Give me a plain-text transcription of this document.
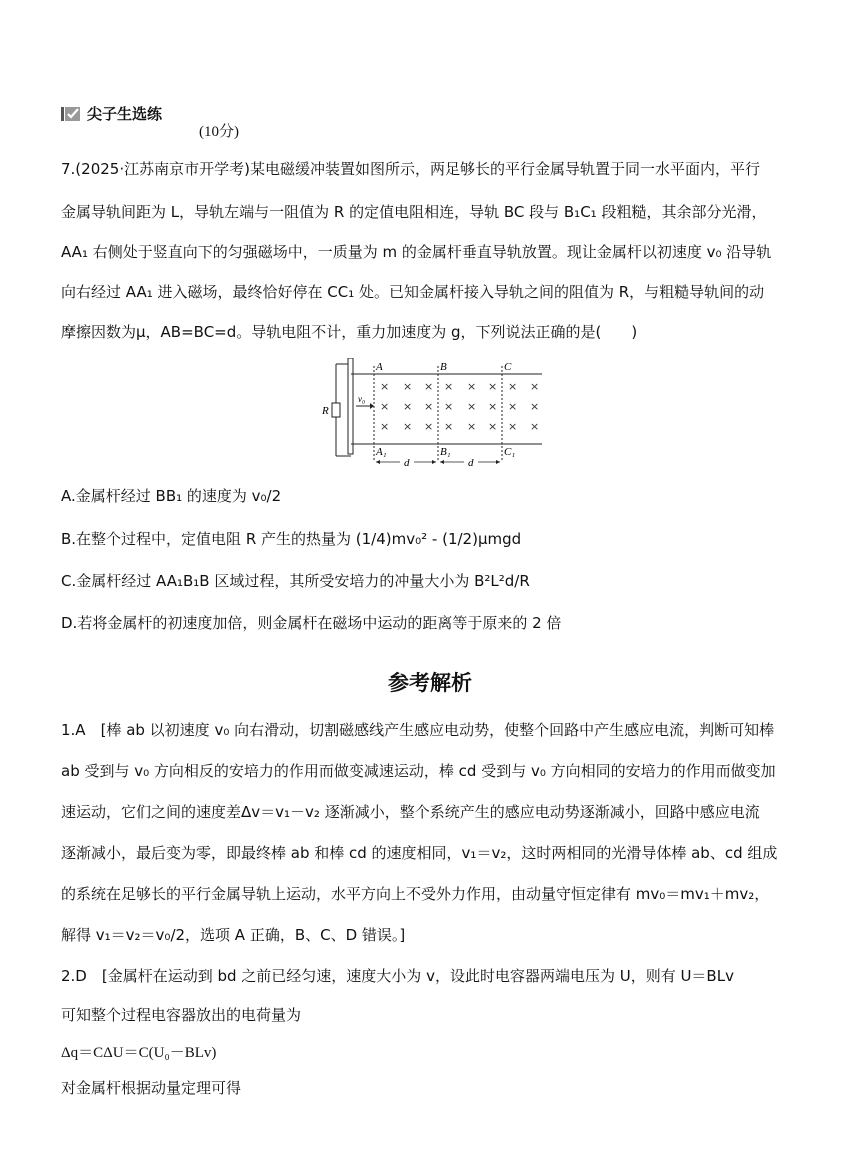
尖子生选练
(10分)
7.(2025·江苏南京市开学考)某电磁缓冲装置如图所示，两足够长的平行金属导轨置于同一水平面内，平行
金属导轨间距为 L，导轨左端与一阻值为 R 的定值电阻相连，导轨 BC 段与 B₁C₁ 段粗糙，其余部分光滑，
AA₁ 右侧处于竖直向下的匀强磁场中，一质量为 m 的金属杆垂直导轨放置。现让金属杆以初速度 v₀ 沿导轨
向右经过 AA₁ 进入磁场，最终恰好停在 CC₁ 处。已知金属杆接入导轨之间的阻值为 R，与粗糙导轨间的动
摩擦因数为μ，AB=BC=d。导轨电阻不计，重力加速度为 g，下列说法正确的是(　　)
R
v₀
A	B	C
A₁	B₁	C₁
× × × × × × × ×
× × × × × × × ×
× × × × × × × ×
d	d
A.金属杆经过 BB₁ 的速度为 v₀/2
B.在整个过程中，定值电阻 R 产生的热量为 (1/4)mv₀² - (1/2)μmgd
C.金属杆经过 AA₁B₁B 区域过程，其所受安培力的冲量大小为 B²L²d/R
D.若将金属杆的初速度加倍，则金属杆在磁场中运动的距离等于原来的 2 倍
参考解析
1.A　[棒 ab 以初速度 v₀ 向右滑动，切割磁感线产生感应电动势，使整个回路中产生感应电流，判断可知棒
ab 受到与 v₀ 方向相反的安培力的作用而做变减速运动，棒 cd 受到与 v₀ 方向相同的安培力的作用而做变加
速运动，它们之间的速度差Δv＝v₁－v₂ 逐渐减小，整个系统产生的感应电动势逐渐减小，回路中感应电流
逐渐减小，最后变为零，即最终棒 ab 和棒 cd 的速度相同，v₁＝v₂，这时两相同的光滑导体棒 ab、cd 组成
的系统在足够长的平行金属导轨上运动，水平方向上不受外力作用，由动量守恒定律有 mv₀＝mv₁＋mv₂，
解得 v₁＝v₂＝v₀/2，选项 A 正确，B、C、D 错误。]
2.D　[金属杆在运动到 bd 之前已经匀速，速度大小为 v，设此时电容器两端电压为 U，则有 U＝BLv
可知整个过程电容器放出的电荷量为
Δq＝CΔU＝C(U₀－BLv)
对金属杆根据动量定理可得
